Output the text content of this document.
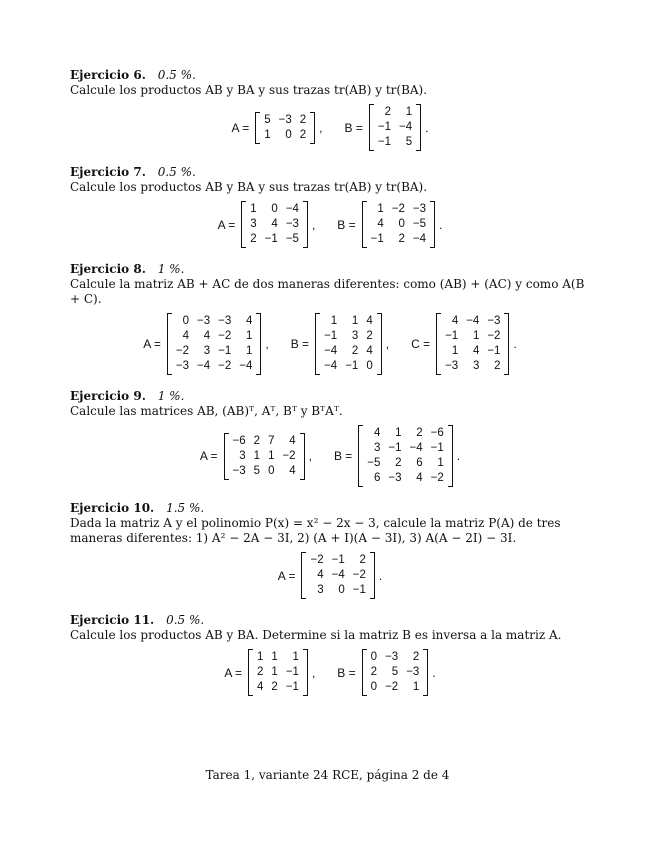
Ejercicio 6. 0.5 %.
Calcule los productos AB y BA y sus trazas tr(AB) y tr(BA).
A =
5	−3	2
1	0	2 , B =
2	1
−1	−4
−1	5
.
Ejercicio 7. 0.5 %.
Calcule los productos AB y BA y sus trazas tr(AB) y tr(BA).
A =
1	0	−4
3	4	−3
2	−1	−5
, B =
1	−2	−3
4	0	−5
−1	2	−4
.
Ejercicio 8. 1 %.
Calcule la matriz AB + AC de dos maneras diferentes: como (AB) + (AC) y como A(B + C).
A =
0	−3	−3	4
4	4	−2	1
−2	3	−1	1
−3	−4	−2	−4
, B =
1	1	4
−1	3	2
−4	2	4
−4	−1	0
, C =
4	−4	−3
−1	1	−2
1	4	−1
−3	3	2
.
Ejercicio 9. 1 %.
Calcule las matrices AB, (AB)ᵀ, Aᵀ, Bᵀ y BᵀAᵀ.
A =
−6	2	7	4
3	1	1	−2
−3	5	0	4
, B =
4	1	2	−6
3	−1	−4	−1
−5	2	6	1
6	−3	4	−2
.
Ejercicio 10. 1.5 %.
Dada la matriz A y el polinomio P(x) = x² − 2x − 3, calcule la matriz P(A) de tres maneras diferentes: 1) A² − 2A − 3I, 2) (A + I)(A − 3I), 3) A(A − 2I) − 3I.
A =
−2	−1	2
4	−4	−2
3	0	−1
.
Ejercicio 11. 0.5 %.
Calcule los productos AB y BA. Determine si la matriz B es inversa a la matriz A.
A =
1	1	1
2	1	−1
4	2	−1
, B =
0	−3	2
2	5	−3
0	−2	1
.
Tarea 1, variante 24 RCE, página 2 de 4
